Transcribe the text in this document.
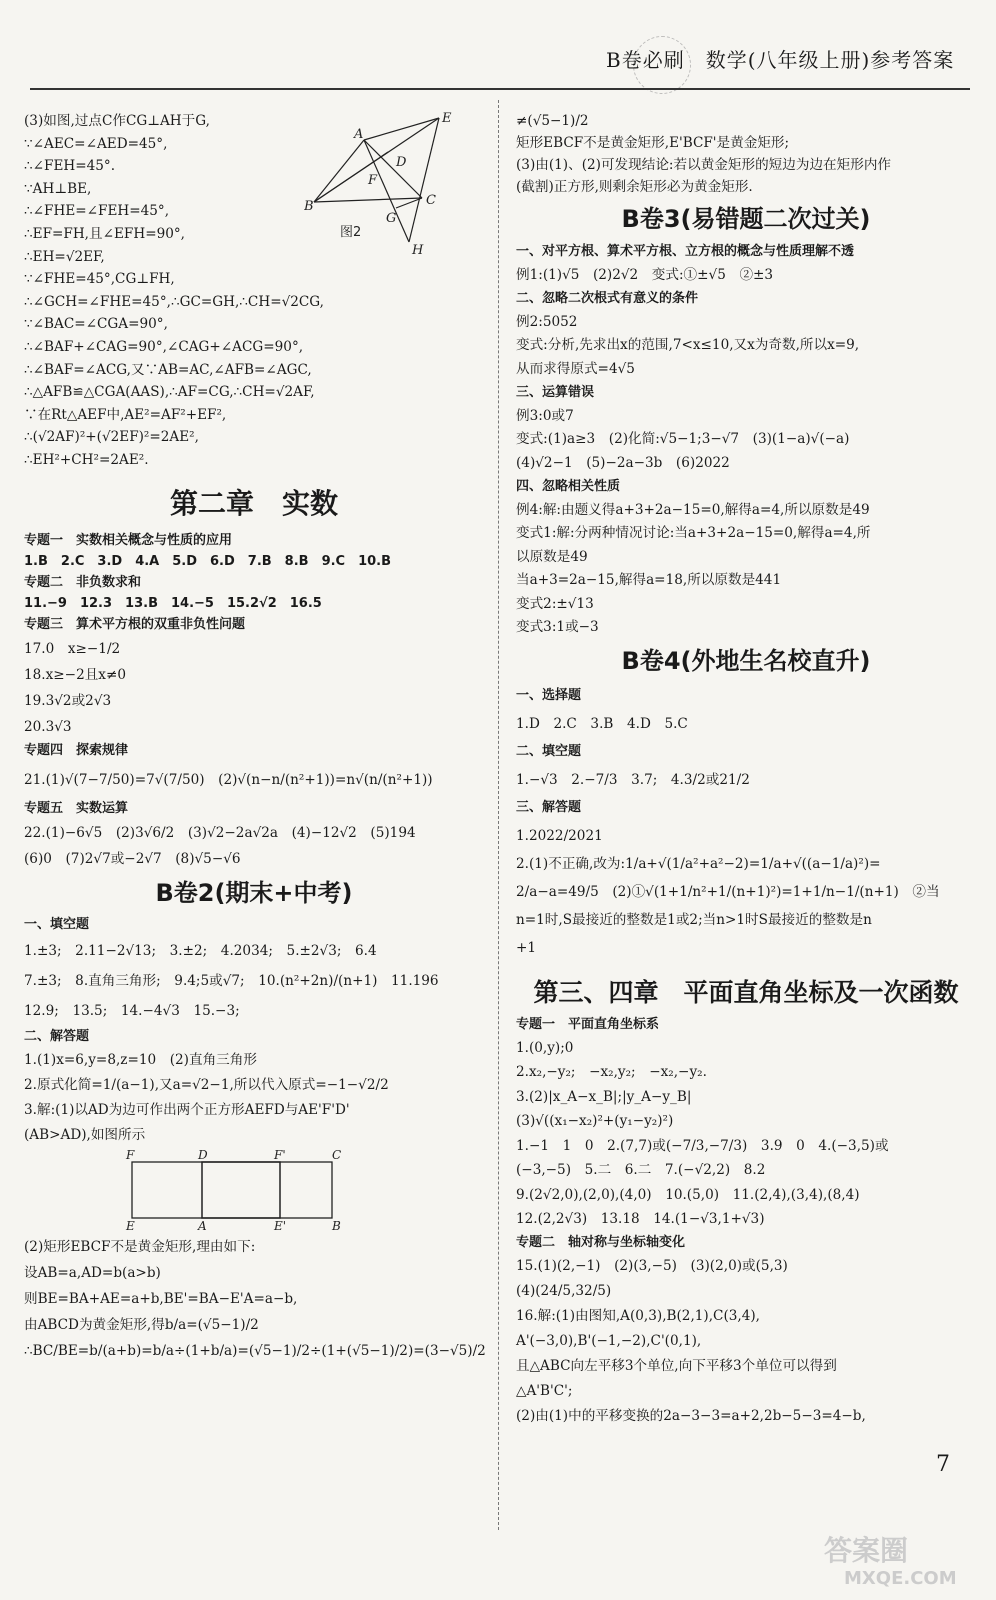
B卷必刷　数学(八年级上册)参考答案
(3)如图,过点C作CG⊥AH于G,
∵∠AEC=∠AED=45°,
∴∠FEH=45°.
∵AH⊥BE,
∴∠FHE=∠FEH=45°,
∴EF=FH,且∠EFH=90°,
∴EH=√2EF,
∵∠FHE=45°,CG⊥FH,
∴∠GCH=∠FHE=45°,∴GC=GH,∴CH=√2CG,
∵∠BAC=∠CGA=90°,
∴∠BAF+∠CAG=90°,∠CAG+∠ACG=90°,
∴∠BAF=∠ACG,又∵AB=AC,∠AFB=∠AGC,
∴△AFB≌△CGA(AAS),∴AF=CG,∴CH=√2AF,
∵在Rt△AEF中,AE²=AF²+EF²,
∴(√2AF)²+(√2EF)²=2AE²,
∴EH²+CH²=2AE².
A
E
D
F
B
G
C
H
图2
第二章　实数
专题一　实数相关概念与性质的应用
1.B　2.C　3.D　4.A　5.D　6.D　7.B　8.B　9.C　10.B
专题二　非负数求和
11.−9　12.3　13.B　14.−5　15.2√2　16.5
专题三　算术平方根的双重非负性问题
17.0　x≥−1/2
18.x≥−2且x≠0
19.3√2或2√3
20.3√3
专题四　探索规律
21.(1)√(7−7/50)=7√(7/50)　(2)√(n−n/(n²+1))=n√(n/(n²+1))
专题五　实数运算
22.(1)−6√5　(2)3√6/2　(3)√2−2a√2a　(4)−12√2　(5)194
(6)0　(7)2√7或−2√7　(8)√5−√6
B卷2(期末+中考)
一、填空题
1.±3;　2.11−2√13;　3.±2;　4.2034;　5.±2√3;　6.4
7.±3;　8.直角三角形;　9.4;5或√7;　10.(n²+2n)/(n+1)　11.196
12.9;　13.5;　14.−4√3　15.−3;
二、解答题
1.(1)x=6,y=8,z=10　(2)直角三角形
2.原式化简=1/(a−1),又a=√2−1,所以代入原式=−1−√2/2
3.解:(1)以AD为边可作出两个正方形AEFD与AE'F'D'
(AB>AD),如图所示
F	D	F'	C
E	A	E'	B
(2)矩形EBCF不是黄金矩形,理由如下:
设AB=a,AD=b(a>b)
则BE=BA+AE=a+b,BE'=BA−E'A=a−b,
由ABCD为黄金矩形,得b/a=(√5−1)/2
∴BC/BE=b/(a+b)=b/a÷(1+b/a)=(√5−1)/2÷(1+(√5−1)/2)=(3−√5)/2
≠(√5−1)/2
矩形EBCF不是黄金矩形,E'BCF'是黄金矩形;
(3)由(1)、(2)可发现结论:若以黄金矩形的短边为边在矩形内作
(截割)正方形,则剩余矩形必为黄金矩形.
B卷3(易错题二次过关)
一、对平方根、算术平方根、立方根的概念与性质理解不透
例1:(1)√5　(2)2√2　变式:①±√5　②±3
二、忽略二次根式有意义的条件
例2:5052
变式:分析,先求出x的范围,7<x≤10,又x为奇数,所以x=9,
从而求得原式=4√5
三、运算错误
例3:0或7
变式:(1)a≥3　(2)化简:√5−1;3−√7　(3)(1−a)√(−a)
(4)√2−1　(5)−2a−3b　(6)2022
四、忽略相关性质
例4:解:由题义得a+3+2a−15=0,解得a=4,所以原数是49
变式1:解:分两种情况讨论:当a+3+2a−15=0,解得a=4,所
以原数是49
当a+3=2a−15,解得a=18,所以原数是441
变式2:±√13
变式3:1或−3
B卷4(外地生名校直升)
一、选择题
1.D　2.C　3.B　4.D　5.C
二、填空题
1.−√3　2.−7/3　3.7;　4.3/2或21/2
三、解答题
1.2022/2021
2.(1)不正确,改为:1/a+√(1/a²+a²−2)=1/a+√((a−1/a)²)=
2/a−a=49/5　(2)①√(1+1/n²+1/(n+1)²)=1+1/n−1/(n+1)　②当
n=1时,S最接近的整数是1或2;当n>1时S最接近的整数是n
+1
第三、四章　平面直角坐标及一次函数
专题一　平面直角坐标系
1.(0,y);0
2.x₂,−y₂;　−x₂,y₂;　−x₂,−y₂.
3.(2)|x_A−x_B|;|y_A−y_B|
(3)√((x₁−x₂)²+(y₁−y₂)²)
1.−1　1　0　2.(7,7)或(−7/3,−7/3)　3.9　0　4.(−3,5)或
(−3,−5)　5.二　6.二　7.(−√2,2)　8.2
9.(2√2,0),(2,0),(4,0)　10.(5,0)　11.(2,4),(3,4),(8,4)
12.(2,2√3)　13.18　14.(1−√3,1+√3)
专题二　轴对称与坐标轴变化
15.(1)(2,−1)　(2)(3,−5)　(3)(2,0)或(5,3)
(4)(24/5,32/5)
16.解:(1)由图知,A(0,3),B(2,1),C(3,4),
A'(−3,0),B'(−1,−2),C'(0,1),
且△ABC向左平移3个单位,向下平移3个单位可以得到
△A'B'C';
(2)由(1)中的平移变换的2a−3−3=a+2,2b−5−3=4−b,
7
答案圈
MXQE.COM
